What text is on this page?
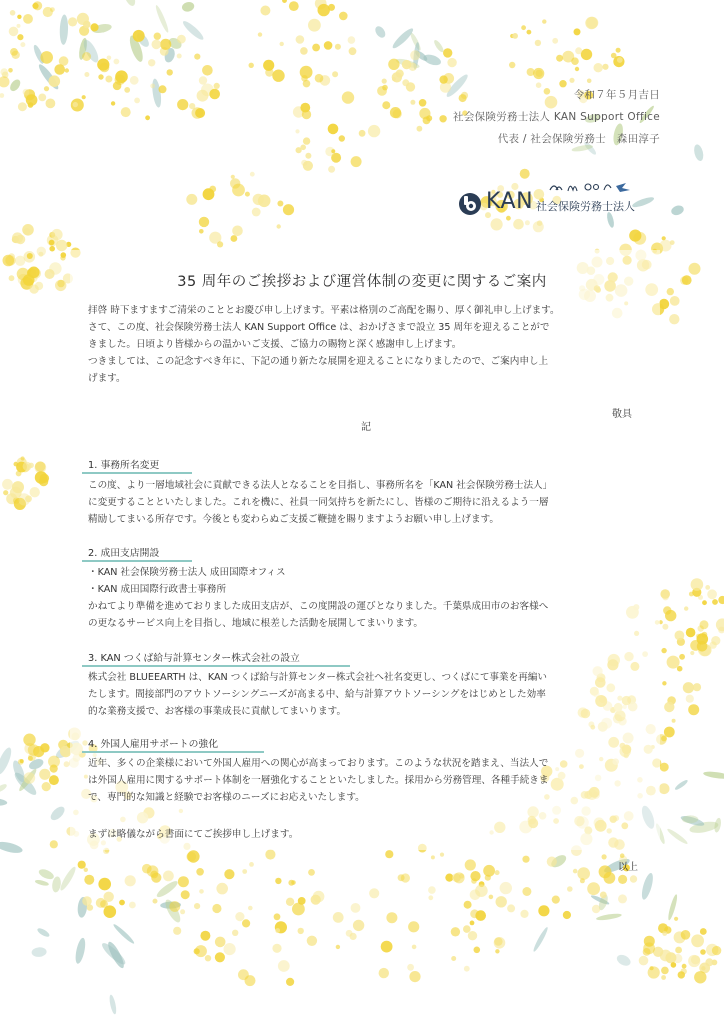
令和７年５月吉日
社会保険労務士法人 KAN Support Office
代表 / 社会保険労務士　森田淳子
KAN 社会保険労務士法人
35 周年のご挨拶および運営体制の変更に関するご案内

拝啓 時下ますますご清栄のこととお慶び申し上げます。平素は格別のご高配を賜り、厚く御礼申し上げます。

さて、この度、社会保険労務士法人 KAN Support Office は、おかげさまで設立 35 周年を迎えることがで

きました。日頃より皆様からの温かいご支援、ご協力の賜物と深く感謝申し上げます。

つきましては、この記念すべき年に、下記の通り新たな展開を迎えることになりましたので、ご案内申し上

げます。

敬具
記
1. 事務所名変更

この度、より一層地域社会に貢献できる法人となることを目指し、事務所名を「KAN 社会保険労務士法人」

に変更することといたしました。これを機に、社員一同気持ちを新たにし、皆様のご期待に沿えるよう一層

精励してまいる所存です。今後とも変わらぬご支援ご鞭撻を賜りますようお願い申し上げます。

2. 成田支店開設

・KAN 社会保険労務士法人 成田国際オフィス

・KAN 成田国際行政書士事務所

かねてより準備を進めておりました成田支店が、この度開設の運びとなりました。千葉県成田市のお客様へ

の更なるサービス向上を目指し、地域に根差した活動を展開してまいります。

3. KAN つくば給与計算センター株式会社の設立

株式会社 BLUEEARTH は、KAN つくば給与計算センター株式会社へ社名変更し、つくばにて事業を再編い

たします。間接部門のアウトソーシングニーズが高まる中、給与計算アウトソーシングをはじめとした効率

的な業務支援で、お客様の事業成長に貢献してまいります。

4. 外国人雇用サポートの強化

近年、多くの企業様において外国人雇用への関心が高まっております。このような状況を踏まえ、当法人で

は外国人雇用に関するサポート体制を一層強化することといたしました。採用から労務管理、各種手続きま

で、専門的な知識と経験でお客様のニーズにお応えいたします。

まずは略儀ながら書面にてご挨拶申し上げます。
以上
